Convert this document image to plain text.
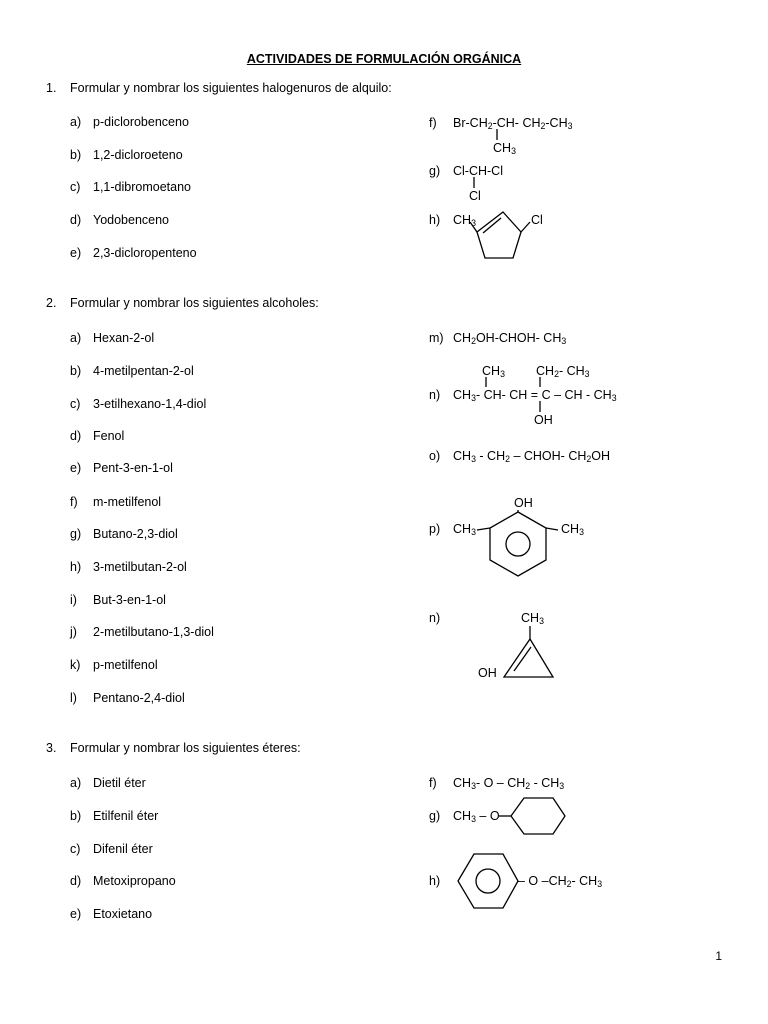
ACTIVIDADES DE FORMULACIÓN ORGÁNICA
1. Formular y nombrar los siguientes halogenuros de alquilo:
a) p-diclorobenceno
b) 1,2-dicloroeteno
c) 1,1-dibromoetano
d) Yodobenceno
e) 2,3-dicloropenteno
f) $Br-CH_2-CH-$ $CH_2-CH_3$
$CH_3$
g) Cl-CH-Cl
Cl
h) $CH_3$	Cl
2. Formular y nombrar los siguientes alcoholes:
a) Hexan-2-ol
b) 4-metilpentan-2-ol
c) 3-etilhexano-1,4-diol
d) Fenol
e) Pent-3-en-1-ol
f) m-metilfenol
g) Butano-2,3-diol
h) 3-metilbutan-2-ol
i) But-3-en-1-ol
j) 2-metilbutano-1,3-diol
k) p-metilfenol
l) Pentano-2,4-diol
m) $CH_2OH-CHOH-$ $CH_3$
$CH_3$ $CH_2-$ $CH_3$
n) $CH_3-$ CH- CH = C – CH - $CH_3$
OH
o) $CH_3 - CH_2$ – CHOH- $CH_2OH$
OH
p) $CH_3$	$CH_3$
n)	$CH_3$
OH
3. Formular y nombrar los siguientes éteres:
a) Dietil éter
b) Etilfenil éter
c) Difenil éter
d) Metoxipropano
e) Etoxietano
f) $CH_3-$ O – $CH_2 - CH_3$
g) $CH_3$ – O
h)	– O $-CH_2-$ $CH_3$
1
